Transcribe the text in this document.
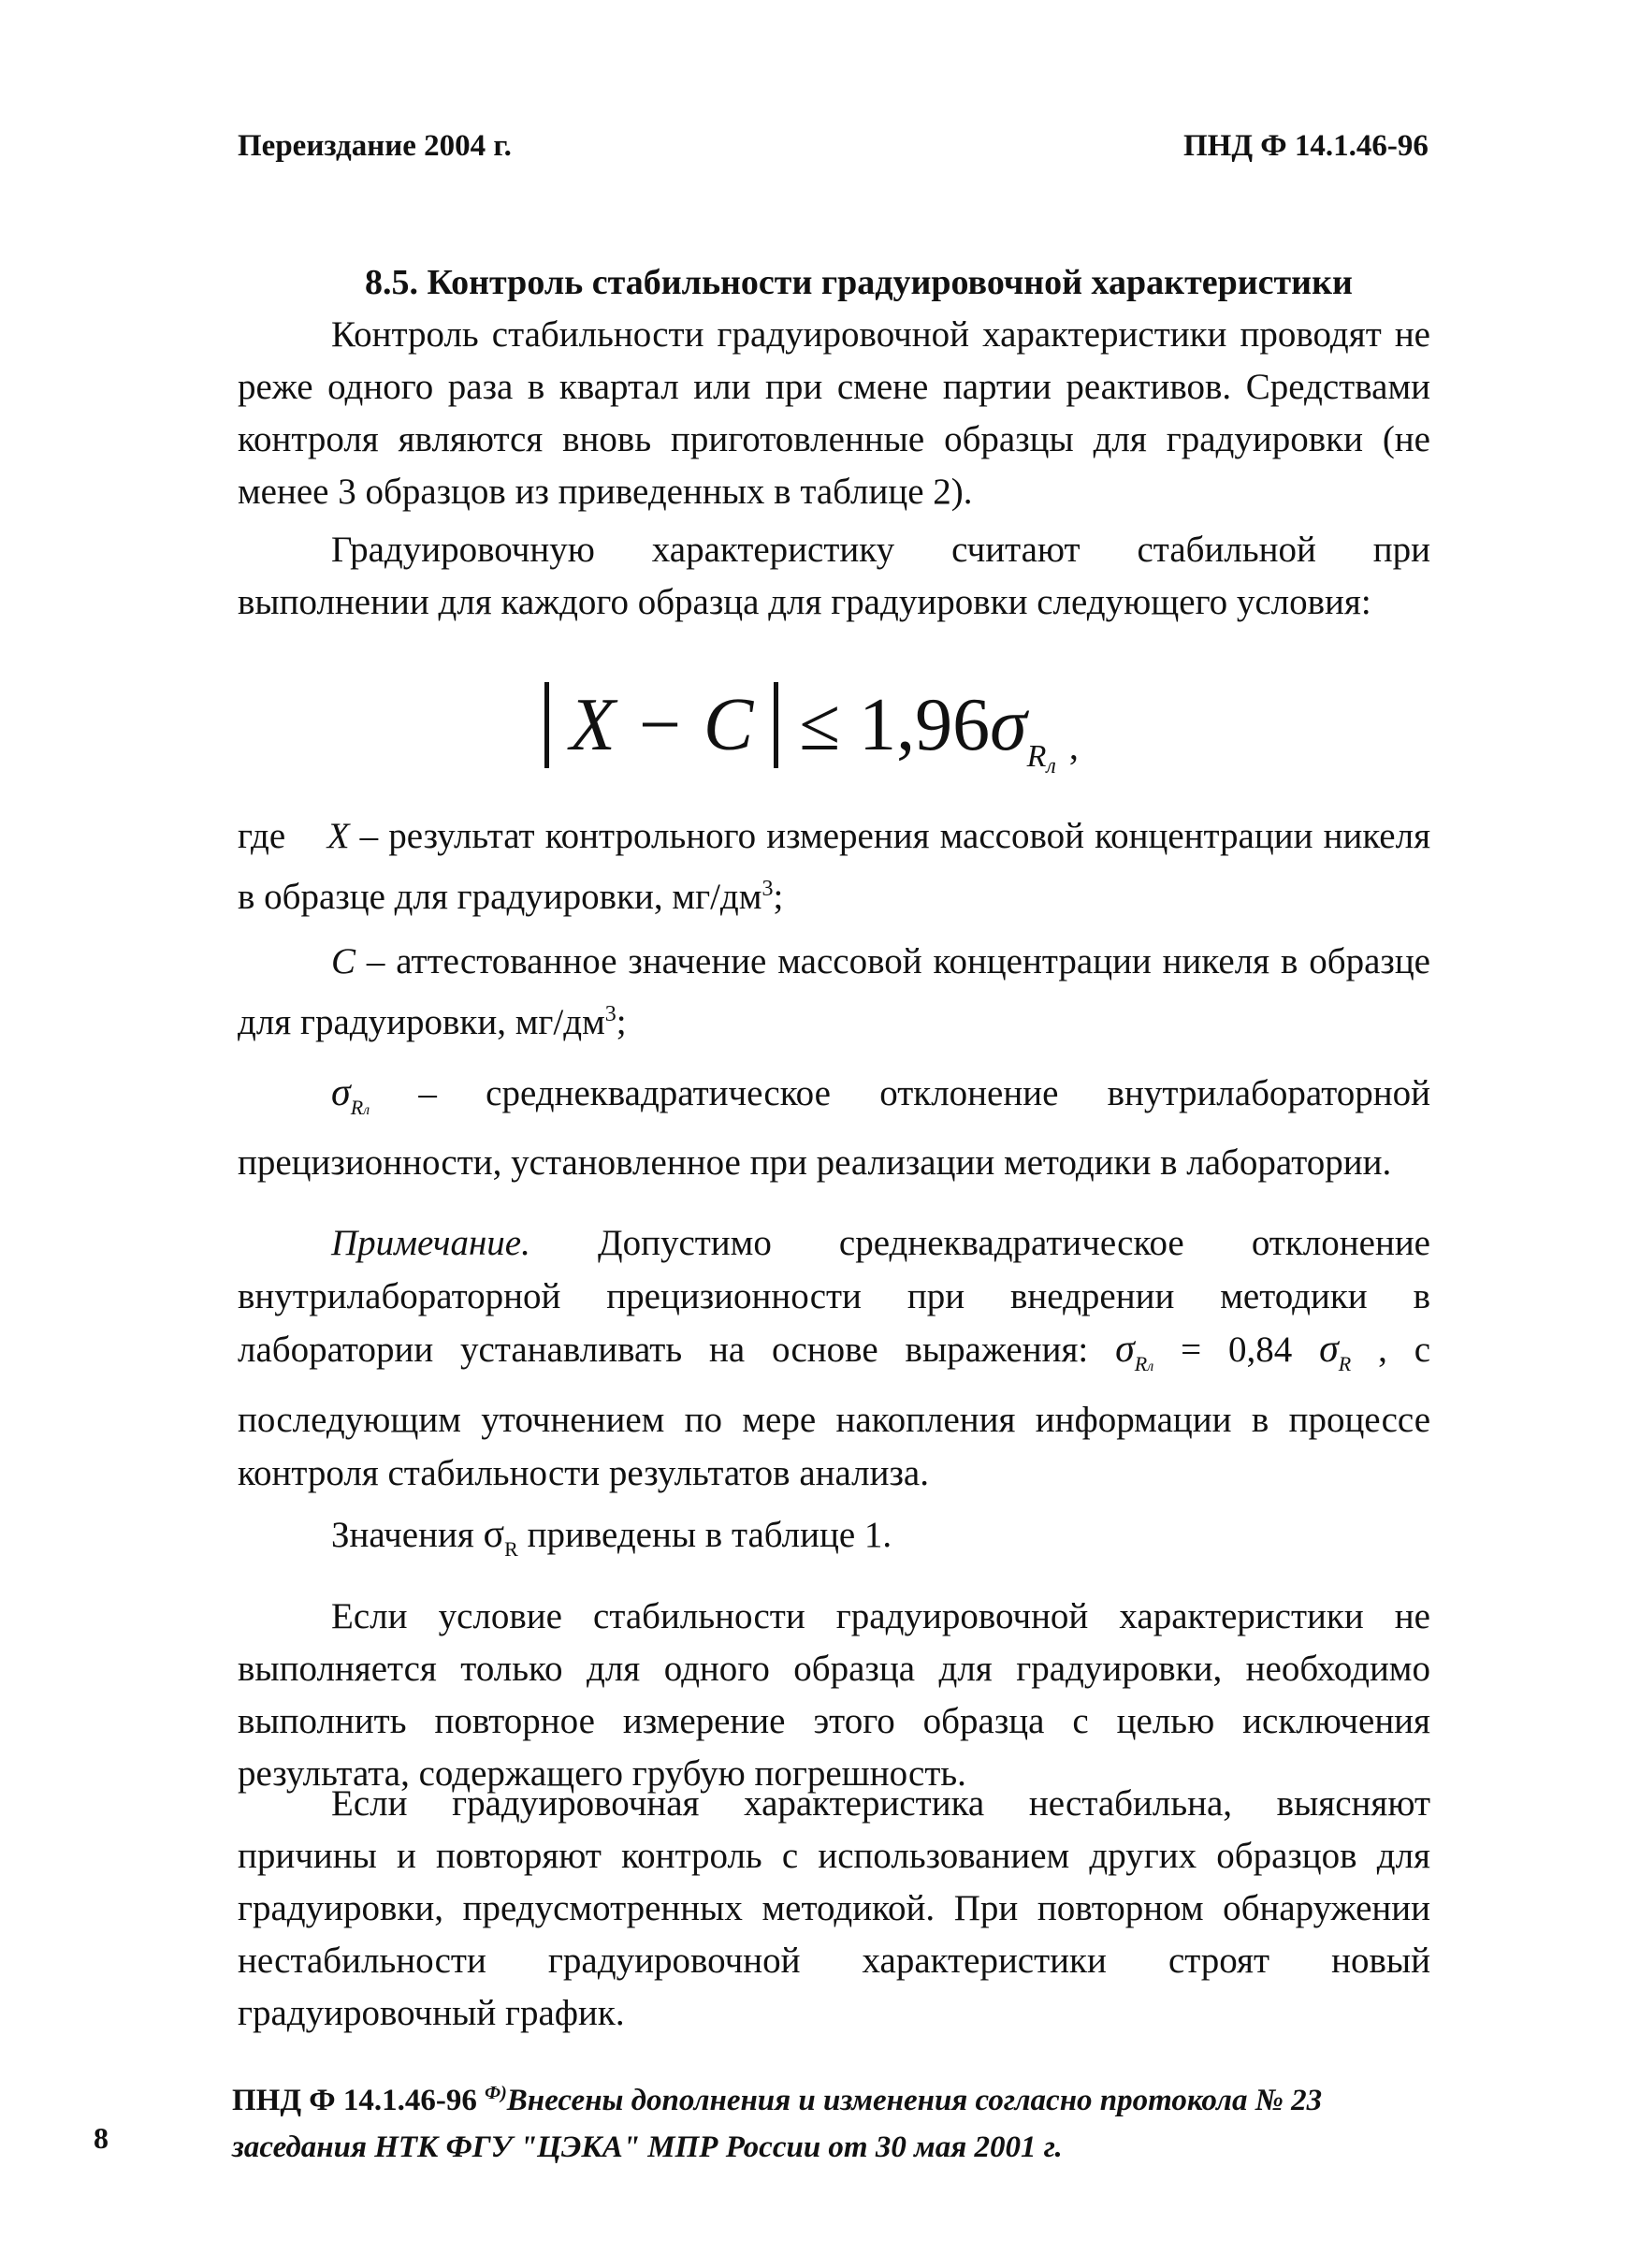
Переиздание 2004 г.	ПНД Ф 14.1.46-96
8.5. Контроль стабильности градуировочной характеристики

Контроль стабильности градуировочной характеристики проводят не реже одного раза в квартал или при смене партии реактивов. Средствами контроля являются вновь приготовленные образцы для градуировки (не менее 3 образцов из приведенных в таблице 2).

Градуировочную характеристику считают стабильной при выполнении для каждого образца для градуировки следующего условия:

X − C ≤ 1,96 σ R л ,

где X – результат контрольного измерения массовой концентрации никеля в образце для градуировки, $мг/дм^3$;

C – аттестованное значение массовой концентрации никеля в образце для градуировки, $мг/дм^3$;

$\sigma_{Rл}$ – среднеквадратическое отклонение внутрилабораторной прецизионности, установленное при реализации методики в лаборатории.

Примечание. Допустимо среднеквадратическое отклонение внутрилабораторной прецизионности при внедрении методики в лаборатории устанавливать на основе выражения: $\sigma_{Rл} = 0,84$ $\sigma_R$ , с последующим уточнением по мере накопления информации в процессе контроля стабильности результатов анализа.

Значения $\sigma_R$ приведены в таблице 1.

Если условие стабильности градуировочной характеристики не выполняется только для одного образца для градуировки, необходимо выполнить повторное измерение этого образца с целью исключения результата, содержащего грубую погрешность.

Если градуировочная характеристика нестабильна, выясняют причины и повторяют контроль с использованием других образцов для градуировки, предусмотренных методикой. При повторном обнаружении нестабильности градуировочной характеристики строят новый градуировочный график.

ПНД Ф 14.1.46-96 $^{Ф)}$Внесены дополнения и изменения согласно протокола № 23 заседания НТК ФГУ "ЦЭКА" МПР России от 30 мая 2001 г.
8
